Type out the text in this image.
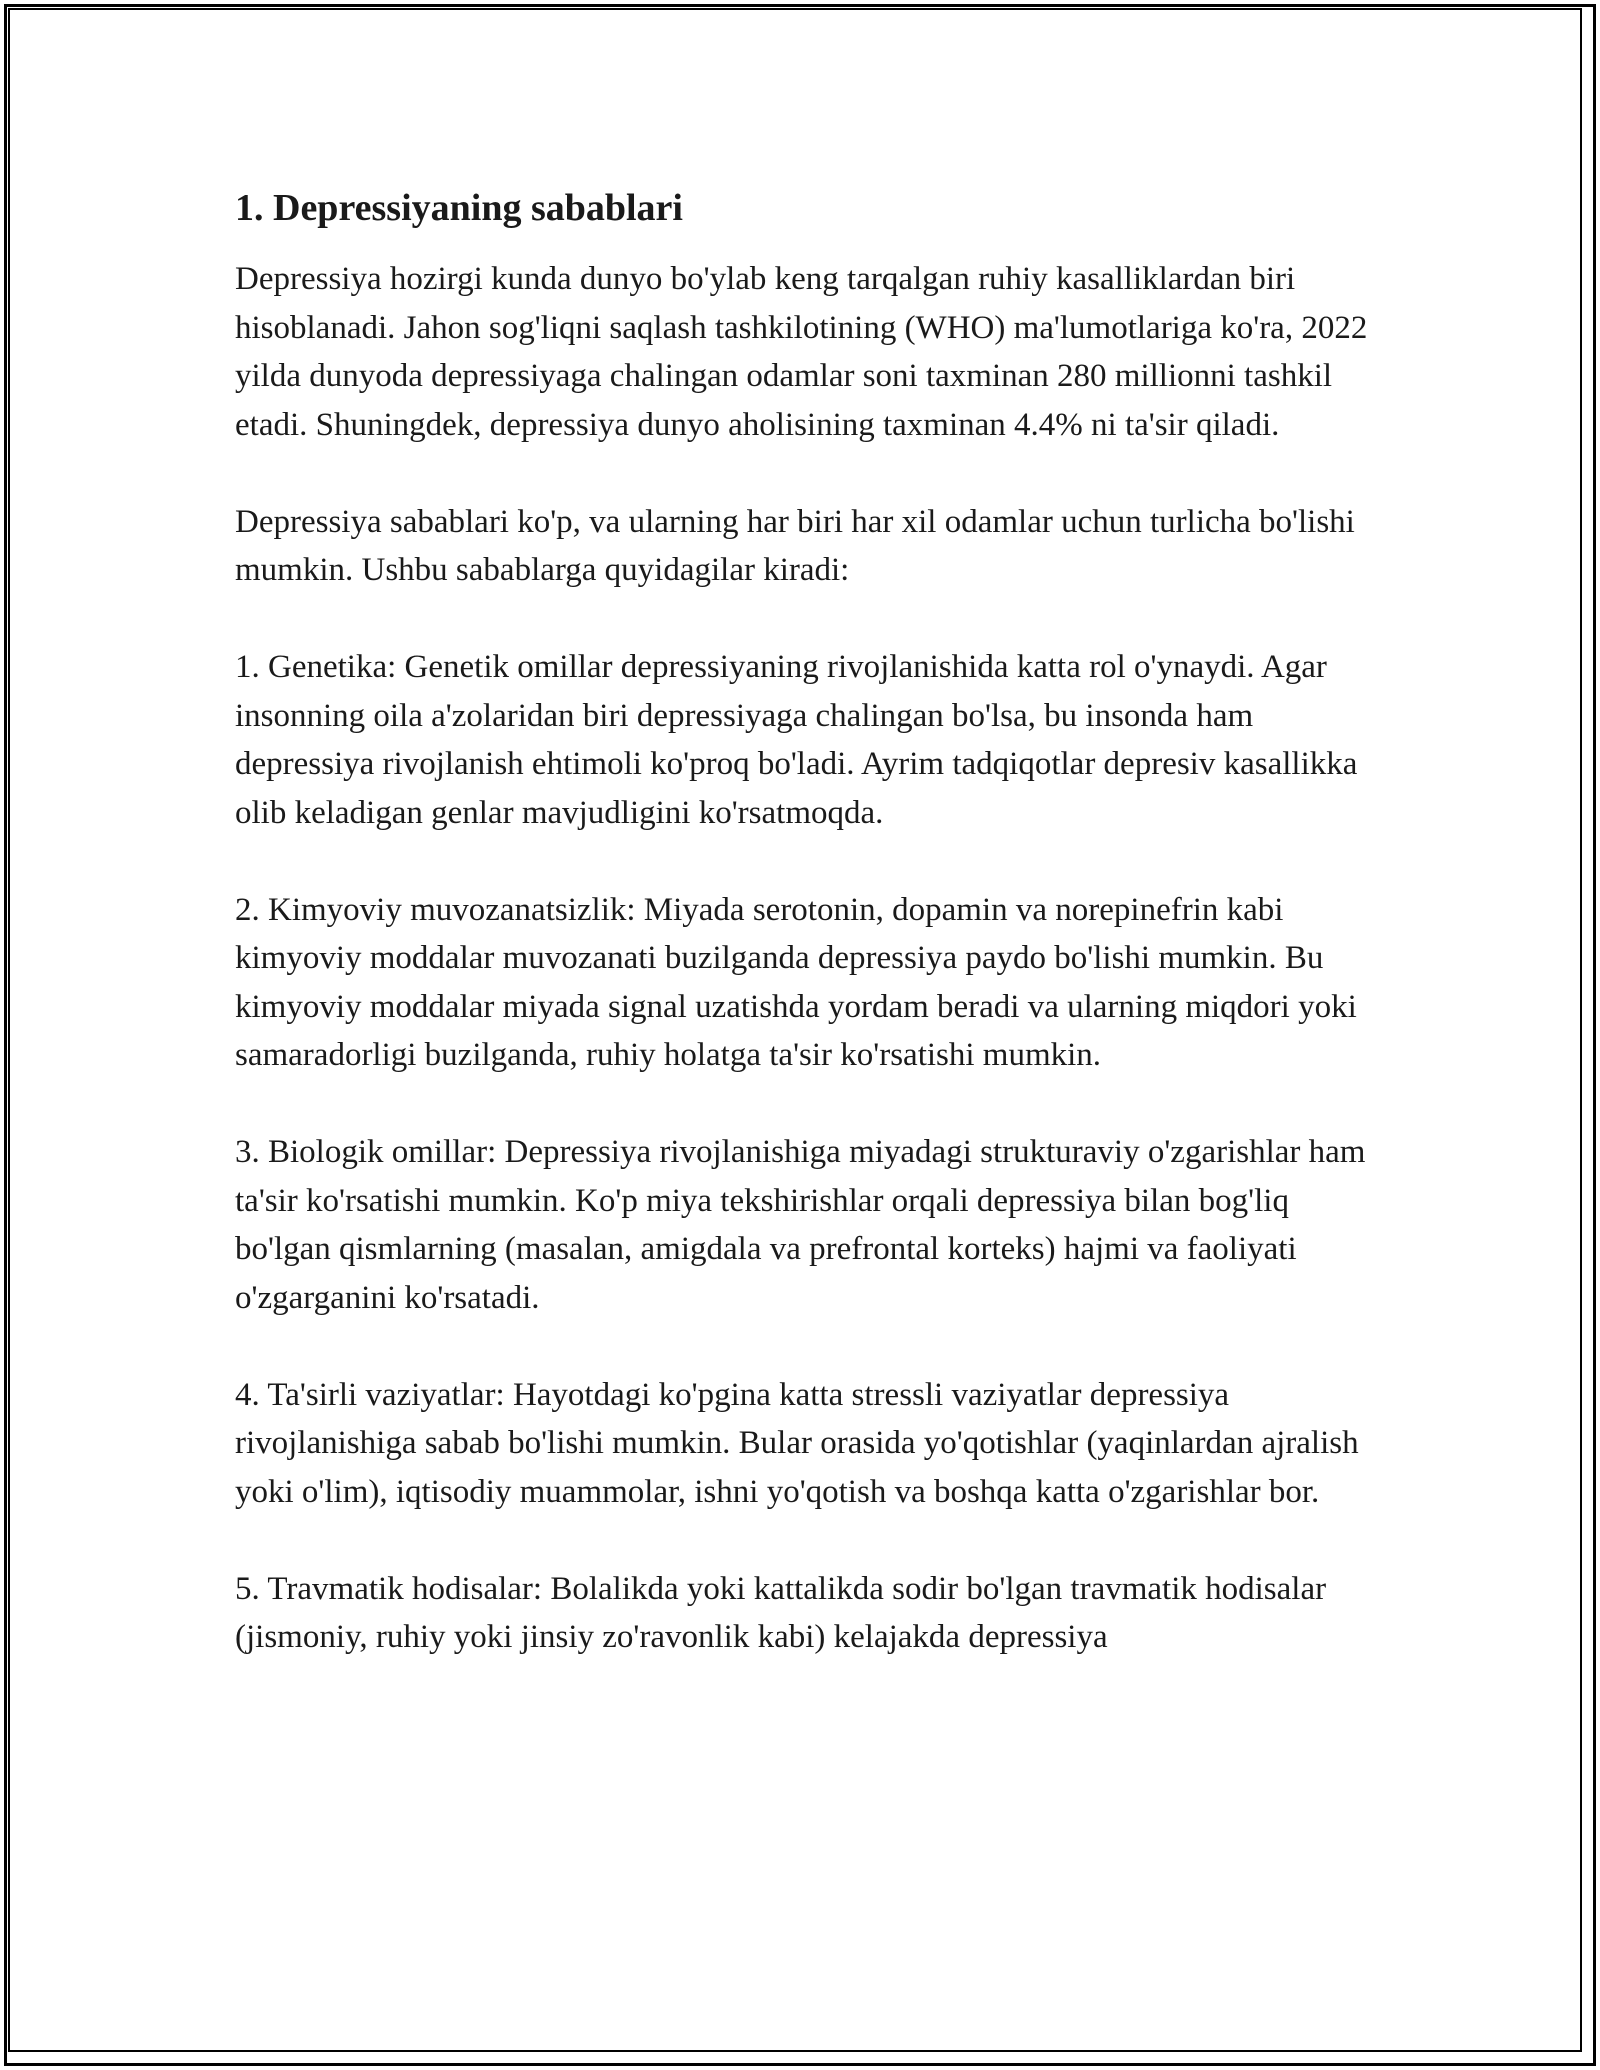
1. Depressiyaning sabablari

Depressiya hozirgi kunda dunyo bo'ylab keng tarqalgan ruhiy kasalliklardan biri hisoblanadi. Jahon sog'liqni saqlash tashkilotining (WHO) ma'lumotlariga ko'ra, 2022 yilda dunyoda depressiyaga chalingan odamlar soni taxminan 280 millionni tashkil etadi. Shuningdek, depressiya dunyo aholisining taxminan 4.4% ni ta'sir qiladi.

Depressiya sabablari ko'p, va ularning har biri har xil odamlar uchun turlicha bo'lishi mumkin. Ushbu sabablarga quyidagilar kiradi:

1. Genetika: Genetik omillar depressiyaning rivojlanishida katta rol o'ynaydi. Agar insonning oila a'zolaridan biri depressiyaga chalingan bo'lsa, bu insonda ham depressiya rivojlanish ehtimoli ko'proq bo'ladi. Ayrim tadqiqotlar depresiv kasallikka olib keladigan genlar mavjudligini ko'rsatmoqda.

2. Kimyoviy muvozanatsizlik: Miyada serotonin, dopamin va norepinefrin kabi kimyoviy moddalar muvozanati buzilganda depressiya paydo bo'lishi mumkin. Bu kimyoviy moddalar miyada signal uzatishda yordam beradi va ularning miqdori yoki samaradorligi buzilganda, ruhiy holatga ta'sir ko'rsatishi mumkin.

3. Biologik omillar: Depressiya rivojlanishiga miyadagi strukturaviy o'zgarishlar ham ta'sir ko'rsatishi mumkin. Ko'p miya tekshirishlar orqali depressiya bilan bog'liq bo'lgan qismlarning (masalan, amigdala va prefrontal korteks) hajmi va faoliyati o'zgarganini ko'rsatadi.

4. Ta'sirli vaziyatlar: Hayotdagi ko'pgina katta stressli vaziyatlar depressiya rivojlanishiga sabab bo'lishi mumkin. Bular orasida yo'qotishlar (yaqinlardan ajralish yoki o'lim), iqtisodiy muammolar, ishni yo'qotish va boshqa katta o'zgarishlar bor.

5. Travmatik hodisalar: Bolalikda yoki kattalikda sodir bo'lgan travmatik hodisalar (jismoniy, ruhiy yoki jinsiy zo'ravonlik kabi) kelajakda depressiya
